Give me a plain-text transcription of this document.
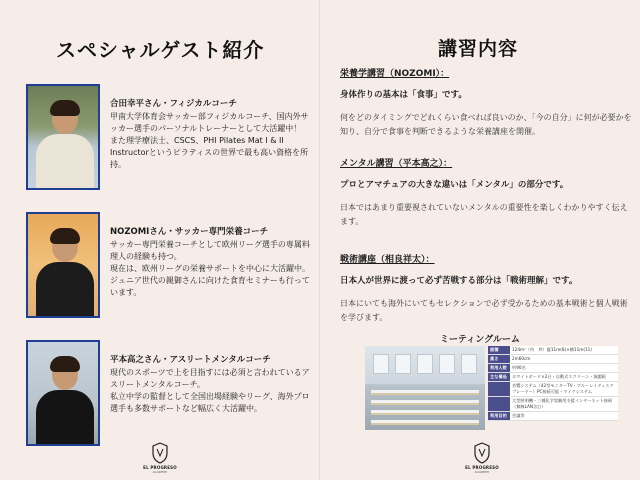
スペシャルゲスト紹介
合田幸平さん・フィジカルコーチ
甲南大学体育会サッカー部フィジカルコーチ、国内外サッカー選手のパーソナルトレーナーとして大活躍中！
また理学療法士、CSCS、PHI Pilates Mat I & II Instructorというピラティスの世界で最も高い資格を所持。
NOZOMIさん・サッカー専門栄養コーチ
サッカー専門栄養コーチとして欧州リーグ選手の専属料理人の経験も持つ。
現在は、欧州リーグの栄養サポートを中心に大活躍中。
ジュニア世代の親御さんに向けた食育セミナーも行っています。
平本高之さん・アスリートメンタルコーチ
現代のスポーツで上を目指すには必須と言われているアスリートメンタルコーチ。
私立中学の監督として全国出場経験やリーグ、海外プロ選手も多数サポートなど幅広く大活躍中。
EL PROGRESO
ACADEMY
講習内容
栄養学講習（NOZOMI）：
身体作りの基本は「食事」です。
何をどのタイミングでどれくらい食べれば良いのか、「今の自分」に何が必要かを知り、自分で食事を判断できるような栄養講座を開催。
メンタル講習（平本高之）：
プロとアマチュアの大きな違いは「メンタル」の部分です。
日本ではあまり重要視されていないメンタルの重要性を楽しくわかりやすく伝えます。
戦術講座（相良祥太）：
日本人が世界に渡って必ず苦戦する部分は「戦術理解」です。
日本にいても海外にいてもセレクションで必ず受かるための基本戦術と個人戦術を学びます。
ミーティングルーム
面積	124m²（約　坪）縦11m(8)×横11m(11)
高さ	2m60cm
利用人数	約90名
主な備品	ホワイトボード×2台・自動式スクリーン・演題板
	音響システム（42型モニターTV・ブルーレイディスクプレーヤー）PC接続可能・マイクシステム
	大型照明機・三種化学実験用支援インターネット接続（無線LAN含む）
利用目的	会議等
EL PROGRESO
ACADEMY
